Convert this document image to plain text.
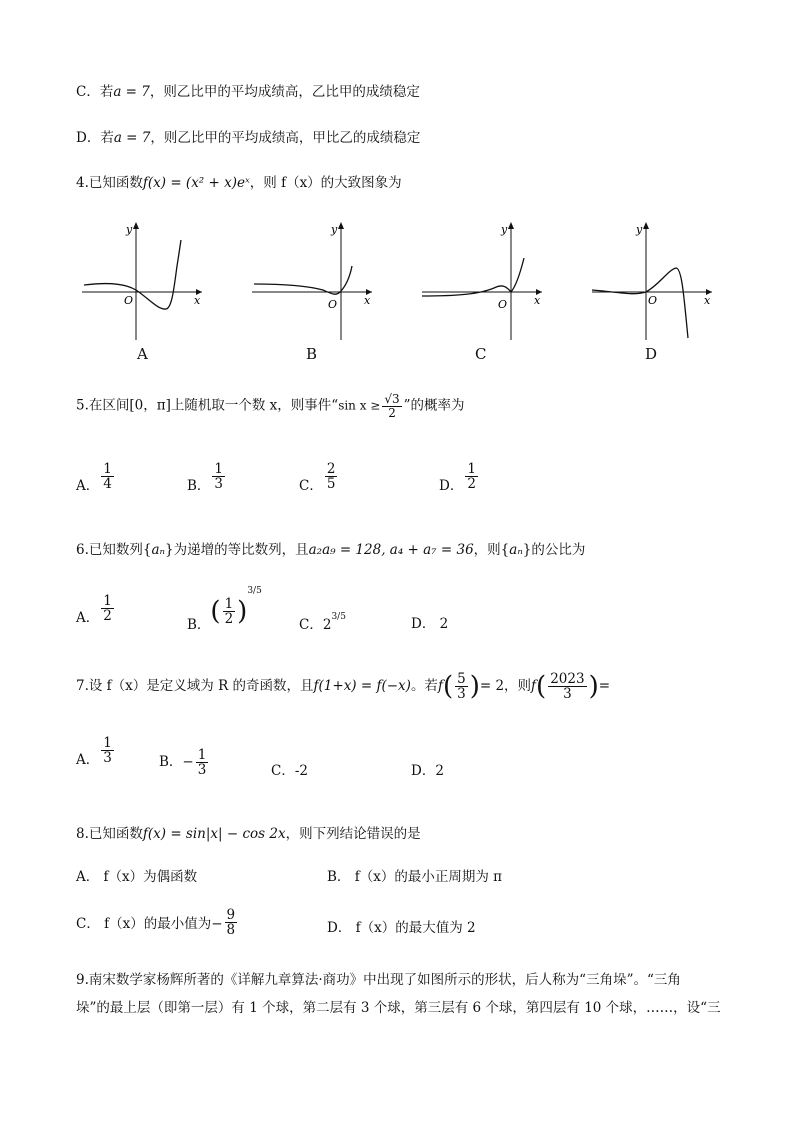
C．若a = 7，则乙比甲的平均成绩高，乙比甲的成绩稳定
D．若a = 7，则乙比甲的平均成绩高，甲比乙的成绩稳定
4.已知函数f(x) = (x² + x)eˣ，则 f（x）的大致图象为
y
x
O
y
x
O
y
x
O
y
x
O
A	B	C	D
5.在区间[0，π]上随机取一个数 x，则事件“sin $x \ge \frac{√3}{2}$ ”的概率为
A． $\frac{1}{4}$	B． $\frac{1}{3}$	C． $\frac{2}{5}$	D． $\frac{1}{2}$
6.已知数列{aₙ}为递增的等比数列，且a₂a₉ = 128, a₄ + a₇ = 36，则{aₙ}的公比为
A． $\frac{1}{2}$
B．( $\frac{1}{2} )^{3/5}$
C．$2^{3/5}$	D． 2
7.设 f（x）是定义域为 R 的奇函数，且f(1+x) = f(−x)。若$f( \frac{5}{3}$ )= 2，则$f( \frac{2023}{3}$ )=
A． $\frac{1}{3}$	B．− $\frac{1}{3}$	C．-2	D．2
8.已知函数f(x) = sin|x| − cos 2x，则下列结论错误的是
A． f（x）为偶函数	B． f（x）的最小正周期为 π
C． f（x）的最小值为− $\frac{9}{8}$	D． f（x）的最大值为 2
9.南宋数学家杨辉所著的《详解九章算法·商功》中出现了如图所示的形状，后人称为“三角垛”。“三角
垛”的最上层（即第一层）有 1 个球，第二层有 3 个球，第三层有 6 个球，第四层有 10 个球，……，设“三
